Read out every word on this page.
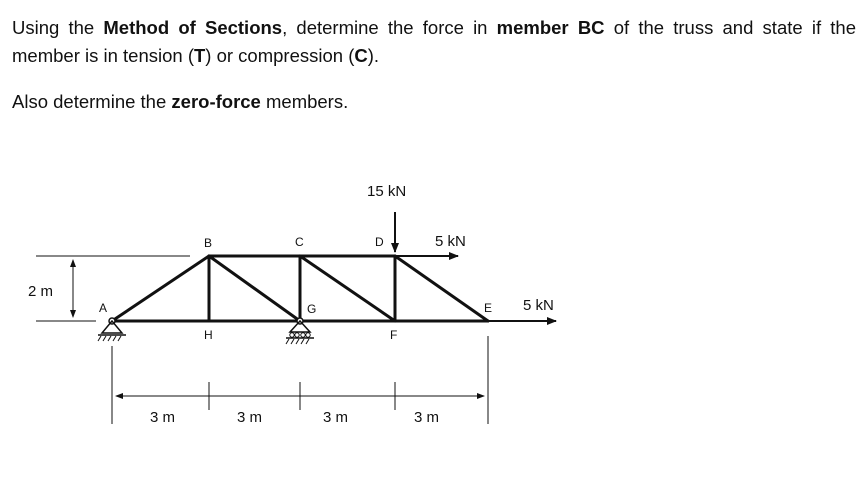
Using the Method of Sections, determine the force in member BC of the truss and state if the member is in tension (T) or compression (C).

Also determine the zero-force members.

A
B	C	D
E
F
G
H
15 kN
5 kN
5 kN
2 m
3 m	3 m	3 m	3 m
